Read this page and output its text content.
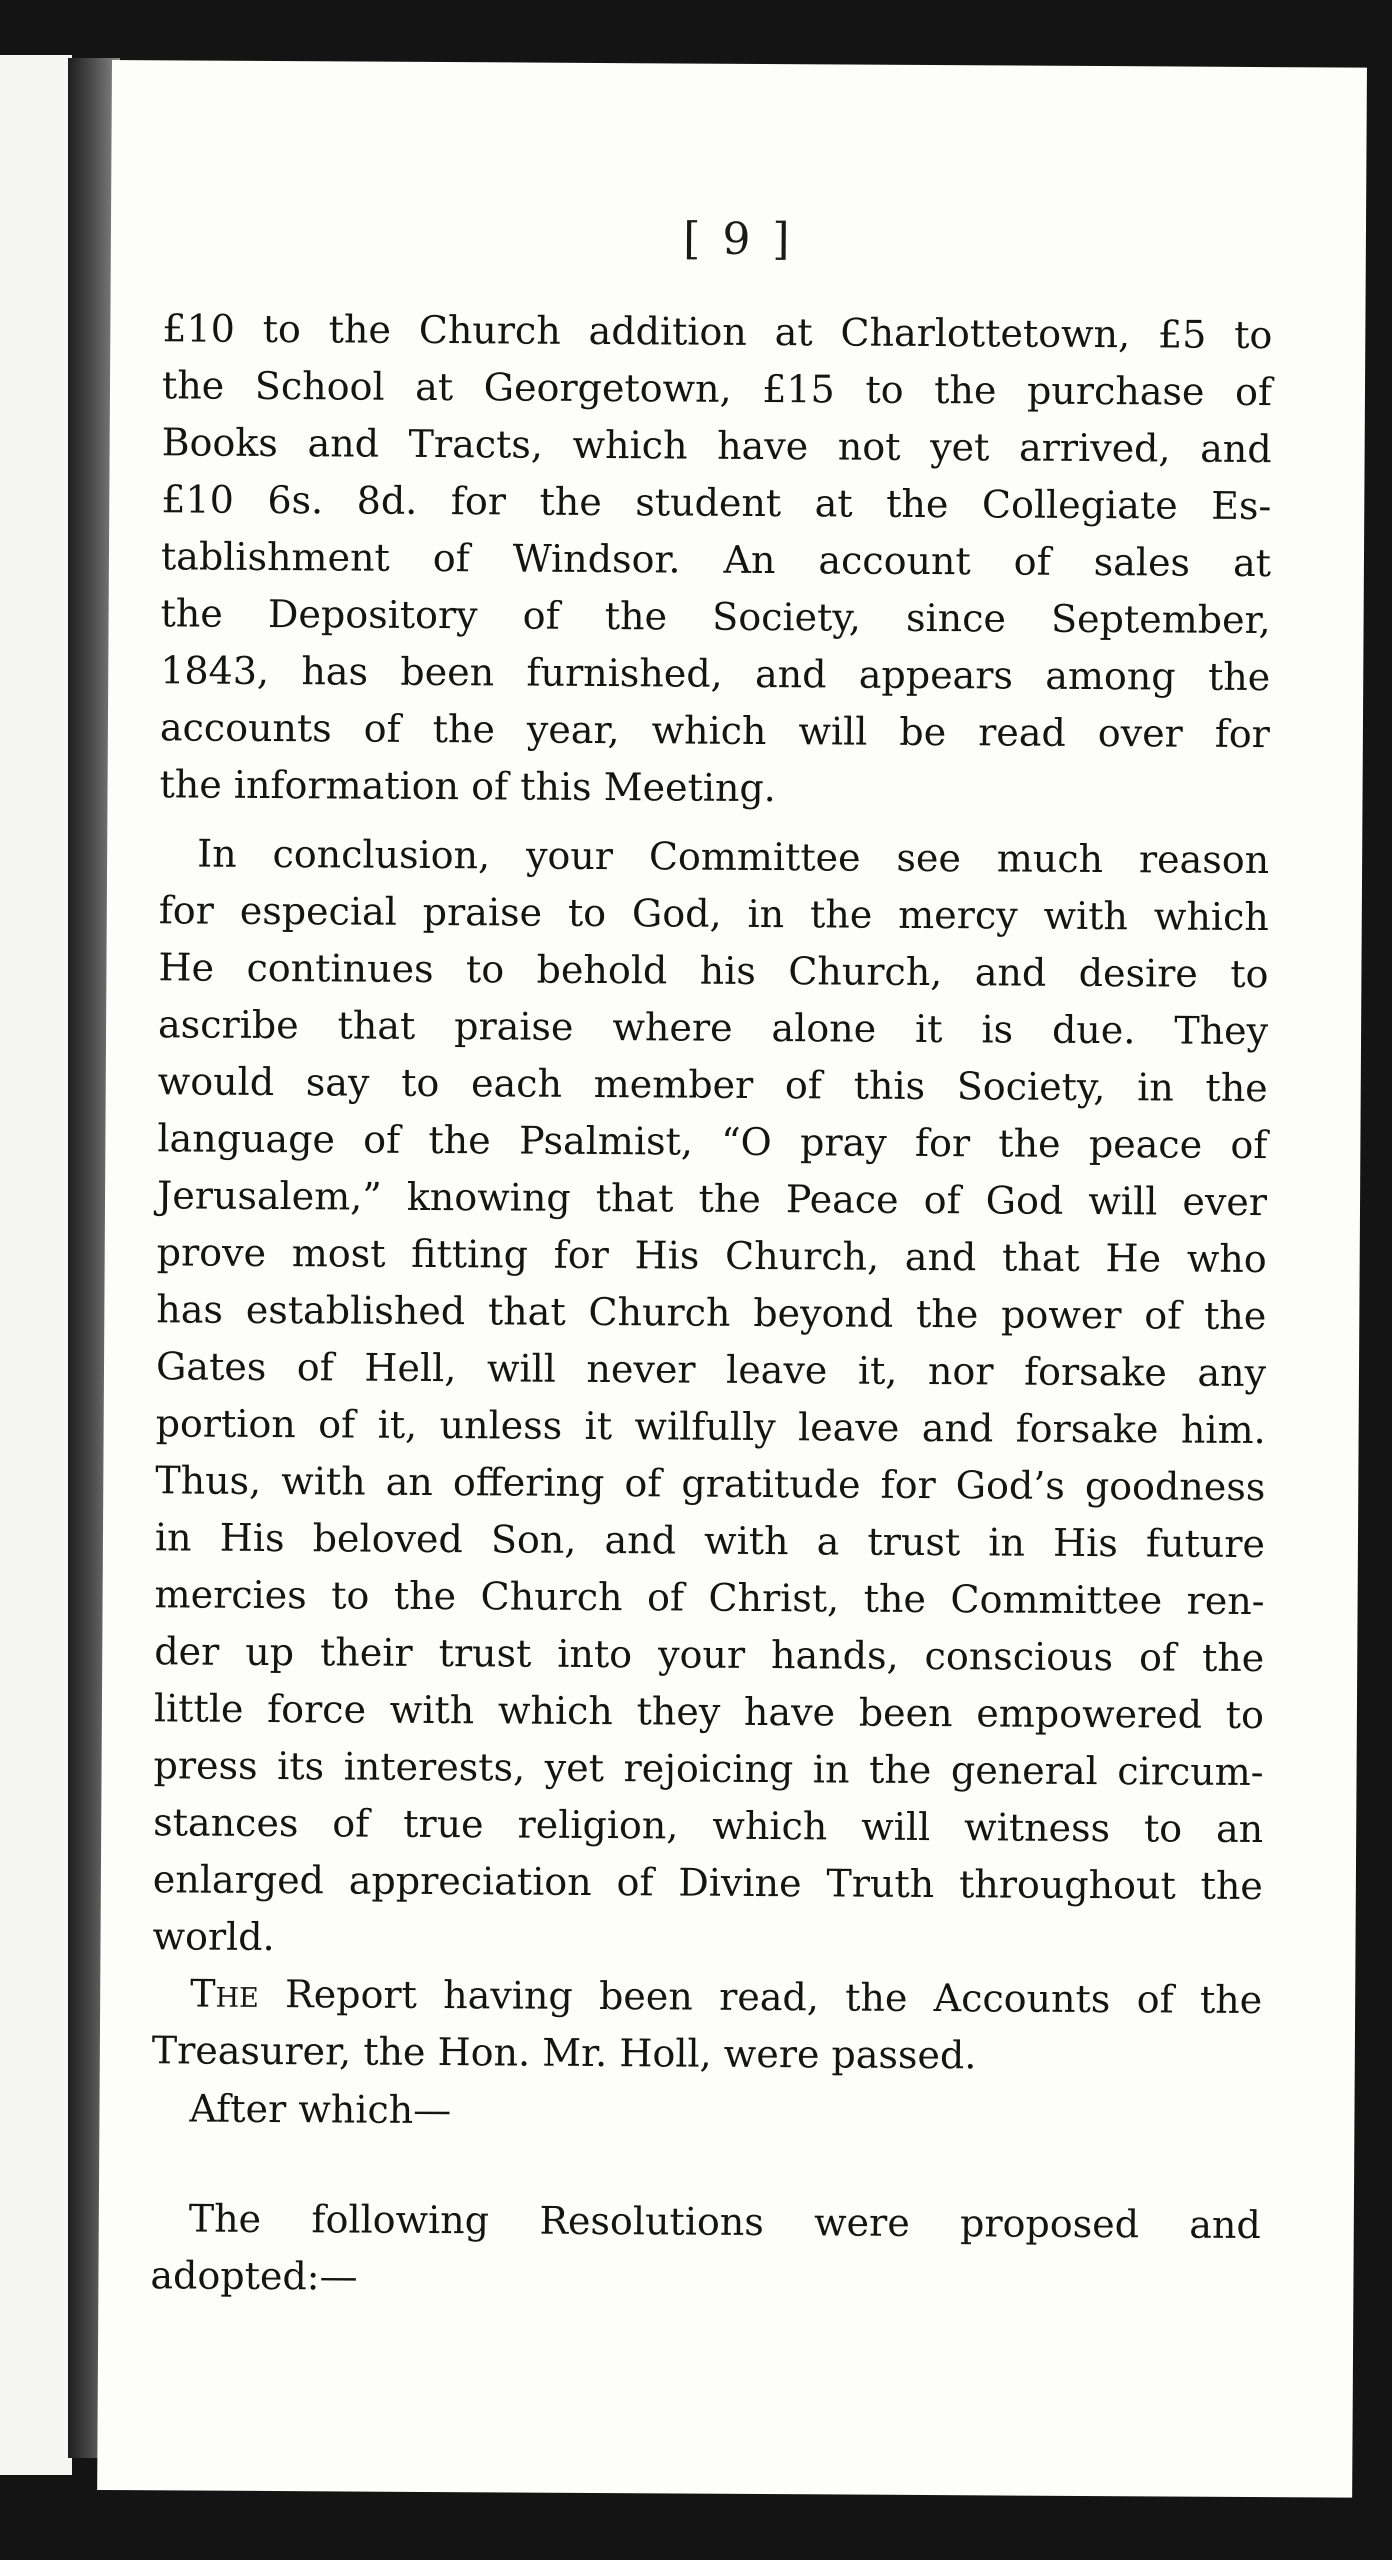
[ 9 ]
£10 to the Church addition at Charlottetown, £5 to
the School at Georgetown, £15 to the purchase of
Books and Tracts, which have not yet arrived, and
£10 6s. 8d. for the student at the Collegiate Es-
tablishment of Windsor. An account of sales at
the Depository of the Society, since September,
1843, has been furnished, and appears among the
accounts of the year, which will be read over for
the information of this Meeting.
In conclusion, your Committee see much reason
for especial praise to God, in the mercy with which
He continues to behold his Church, and desire to
ascribe that praise where alone it is due. They
would say to each member of this Society, in the
language of the Psalmist, “O pray for the peace of
Jerusalem,” knowing that the Peace of God will ever
prove most fitting for His Church, and that He who
has established that Church beyond the power of the
Gates of Hell, will never leave it, nor forsake any
portion of it, unless it wilfully leave and forsake him.
Thus, with an offering of gratitude for God’s goodness
in His beloved Son, and with a trust in His future
mercies to the Church of Christ, the Committee ren-
der up their trust into your hands, conscious of the
little force with which they have been empowered to
press its interests, yet rejoicing in the general circum-
stances of true religion, which will witness to an
enlarged appreciation of Divine Truth throughout the
world.
The Report having been read, the Accounts of the
Treasurer, the Hon. Mr. Holl, were passed.
After which—
The following Resolutions were proposed and
adopted:—
